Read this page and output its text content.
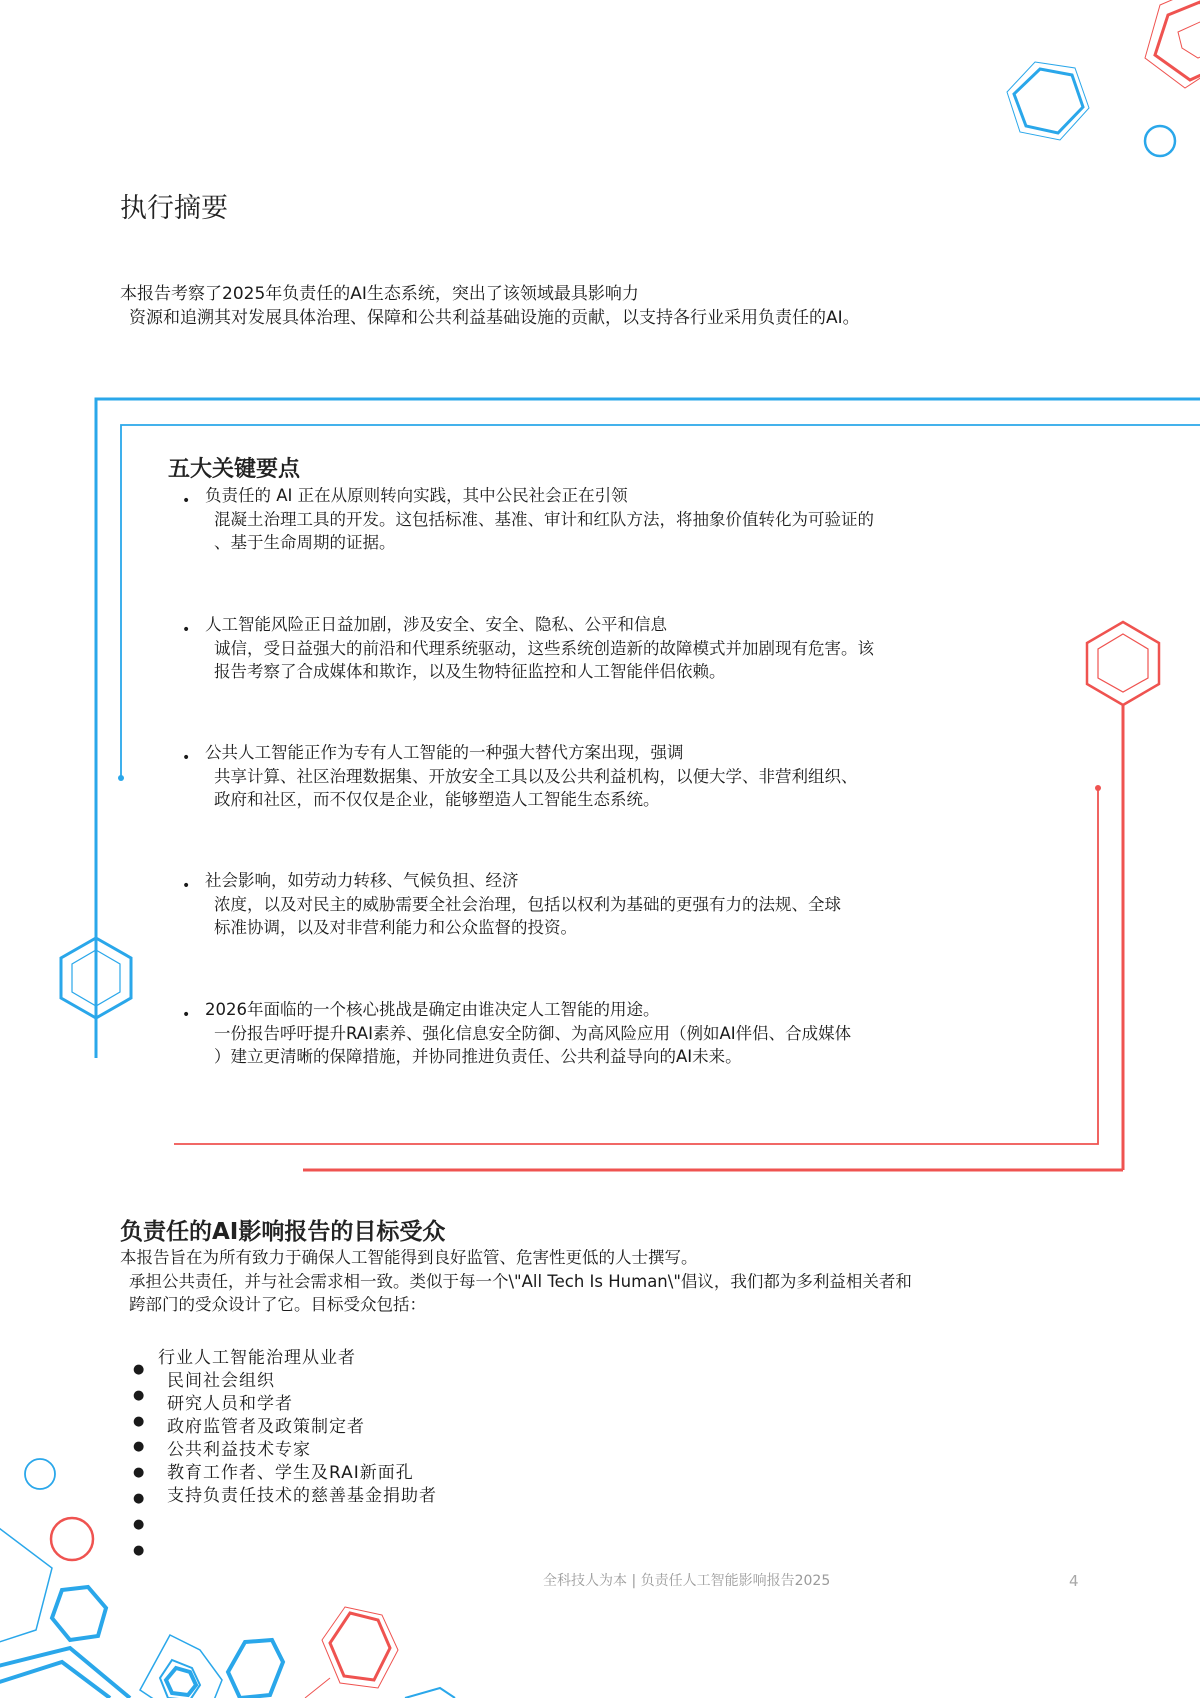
执行摘要

本报告考察了2025年负责任的AI生态系统，突出了该领域最具影响力
资源和追溯其对发展具体治理、保障和公共利益基础设施的贡献，以支持各行业采用负责任的AI。

五大关键要点
• 负责任的 AI 正在从原则转向实践，其中公民社会正在引领
混凝土治理工具的开发。这包括标准、基准、审计和红队方法，将抽象价值转化为可验证的
、基于生命周期的证据。
• 人工智能风险正日益加剧，涉及安全、安全、隐私、公平和信息
诚信，受日益强大的前沿和代理系统驱动，这些系统创造新的故障模式并加剧现有危害。该
报告考察了合成媒体和欺诈，以及生物特征监控和人工智能伴侣依赖。
• 公共人工智能正作为专有人工智能的一种强大替代方案出现，强调
共享计算、社区治理数据集、开放安全工具以及公共利益机构，以便大学、非营利组织、
政府和社区，而不仅仅是企业，能够塑造人工智能生态系统。
• 社会影响，如劳动力转移、气候负担、经济
浓度，以及对民主的威胁需要全社会治理，包括以权利为基础的更强有力的法规、全球
标准协调，以及对非营利能力和公众监督的投资。
• 2026年面临的一个核心挑战是确定由谁决定人工智能的用途。
一份报告呼吁提升RAI素养、强化信息安全防御、为高风险应用（例如AI伴侣、合成媒体
）建立更清晰的保障措施，并协同推进负责任、公共利益导向的AI未来。
负责任的AI影响报告的目标受众

本报告旨在为所有致力于确保人工智能得到良好监管、危害性更低的人士撰写。

承担公共责任，并与社会需求相一致。类似于每一个\"All Tech Is Human\"倡议，我们都为多利益相关者和
跨部门的受众设计了它。目标受众包括：

行业人工智能治理从业者
民间社会组织
研究人员和学者
政府监管者及政策制定者
公共利益技术专家
教育工作者、学生及RAI新面孔
支持负责任技术的慈善基金捐助者
●
●
●
●
●
●
●
●
全科技人为本 | 负责任人工智能影响报告2025	4
